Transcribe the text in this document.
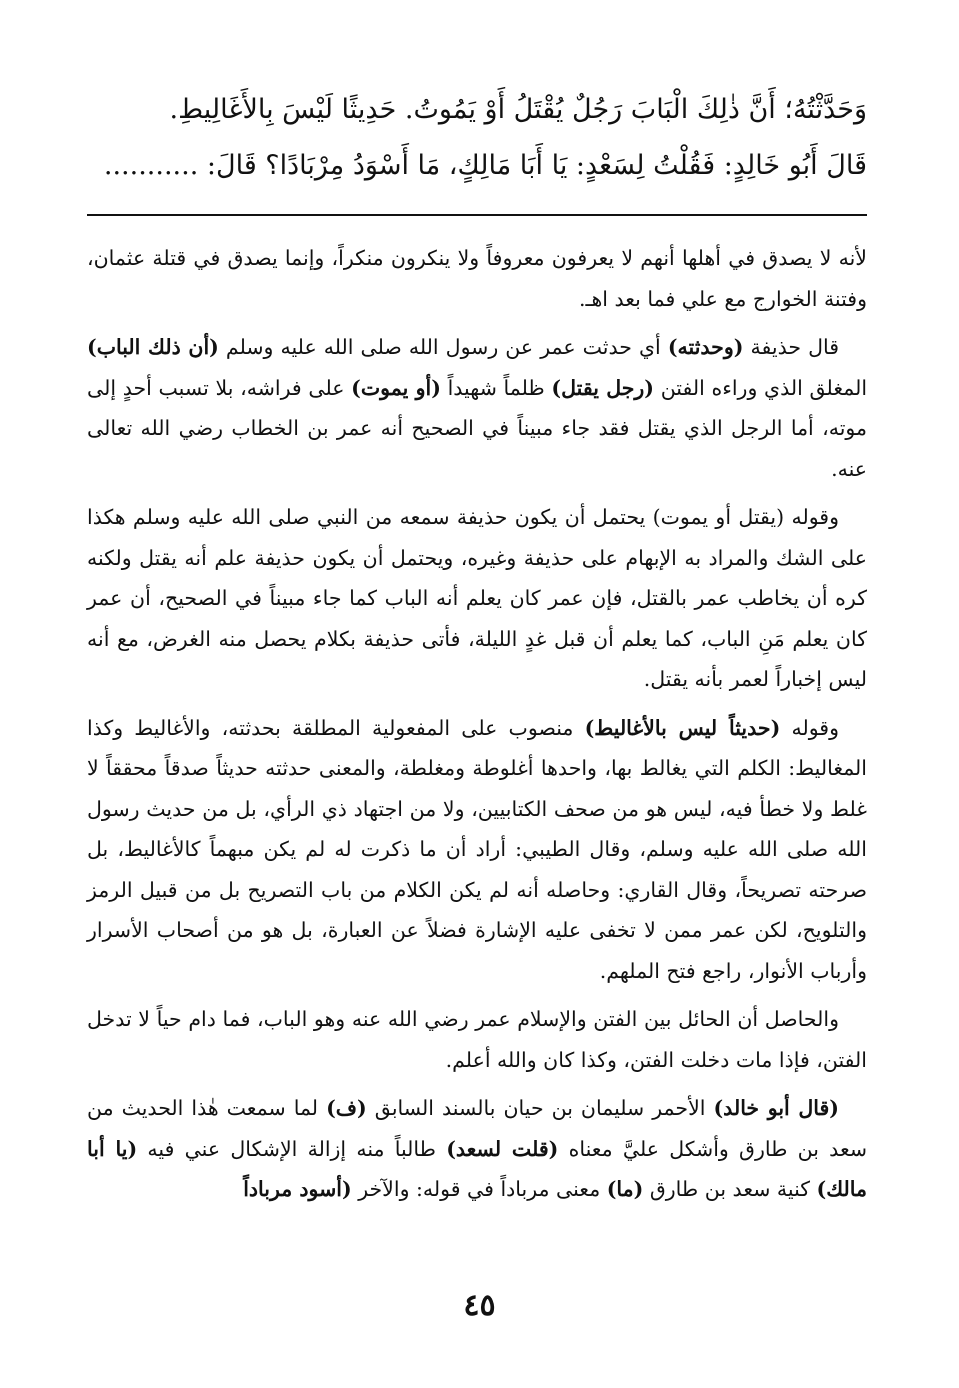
وَحَدَّثْتُهُ؛ أَنَّ ذٰلِكَ الْبَابَ رَجُلٌ يُقْتَلُ أَوْ يَمُوتُ. حَدِيثًا لَيْسَ بِالأَغَالِيطِ.

قَالَ أَبُو خَالِدٍ: فَقُلْتُ لِسَعْدٍ: يَا أَبَا مَالِكٍ، مَا أَسْوَدُ مِرْبَادًا؟ قَالَ: ...........

لأنه لا يصدق في أهلها أنهم لا يعرفون معروفاً ولا ينكرون منكراً، وإنما يصدق في قتلة عثمان، وفتنة الخوارج مع علي فما بعد اهـ.

قال حذيفة (وحدثته) أي حدثت عمر عن رسول الله صلى الله عليه وسلم (أن ذلك الباب) المغلق الذي وراءه الفتن (رجل يقتل) ظلماً شهيداً (أو يموت) على فراشه، بلا تسبب أحدٍ إلى موته، أما الرجل الذي يقتل فقد جاء مبيناً في الصحيح أنه عمر بن الخطاب رضي الله تعالى عنه.

وقوله (يقتل أو يموت) يحتمل أن يكون حذيفة سمعه من النبي صلى الله عليه وسلم هكذا على الشك والمراد به الإبهام على حذيفة وغيره، ويحتمل أن يكون حذيفة علم أنه يقتل ولكنه كره أن يخاطب عمر بالقتل، فإن عمر كان يعلم أنه الباب كما جاء مبيناً في الصحيح، أن عمر كان يعلم مَنِ الباب، كما يعلم أن قبل غدٍ الليلة، فأتى حذيفة بكلام يحصل منه الغرض، مع أنه ليس إخباراً لعمر بأنه يقتل.

وقوله (حديثاً ليس بالأغاليط) منصوب على المفعولية المطلقة بحدثته، والأغاليط وكذا المغاليط: الكلم التي يغالط بها، واحدها أغلوطة ومغلطة، والمعنى حدثته حديثاً صدقاً محققاً لا غلط ولا خطأ فيه، ليس هو من صحف الكتابيين، ولا من اجتهاد ذي الرأي، بل من حديث رسول الله صلى الله عليه وسلم، وقال الطيبي: أراد أن ما ذكرت له لم يكن مبهماً كالأغاليط، بل صرحته تصريحاً، وقال القاري: وحاصله أنه لم يكن الكلام من باب التصريح بل من قبيل الرمز والتلويح، لكن عمر ممن لا تخفى عليه الإشارة فضلاً عن العبارة، بل هو من أصحاب الأسرار وأرباب الأنوار، راجع فتح الملهم.

والحاصل أن الحائل بين الفتن والإسلام عمر رضي الله عنه وهو الباب، فما دام حياً لا تدخل الفتن، فإذا مات دخلت الفتن، وكذا كان والله أعلم.

(قال أبو خالد) الأحمر سليمان بن حيان بالسند السابق (ف) لما سمعت هٰذا الحديث من سعد بن طارق وأشكل عليَّ معناه (قلت لسعد) طالباً منه إزالة الإشكال عني فيه (يا أبا مالك) كنية سعد بن طارق (ما) معنى مرباداً في قوله: والآخر (أسود مرباداً

٤٥
